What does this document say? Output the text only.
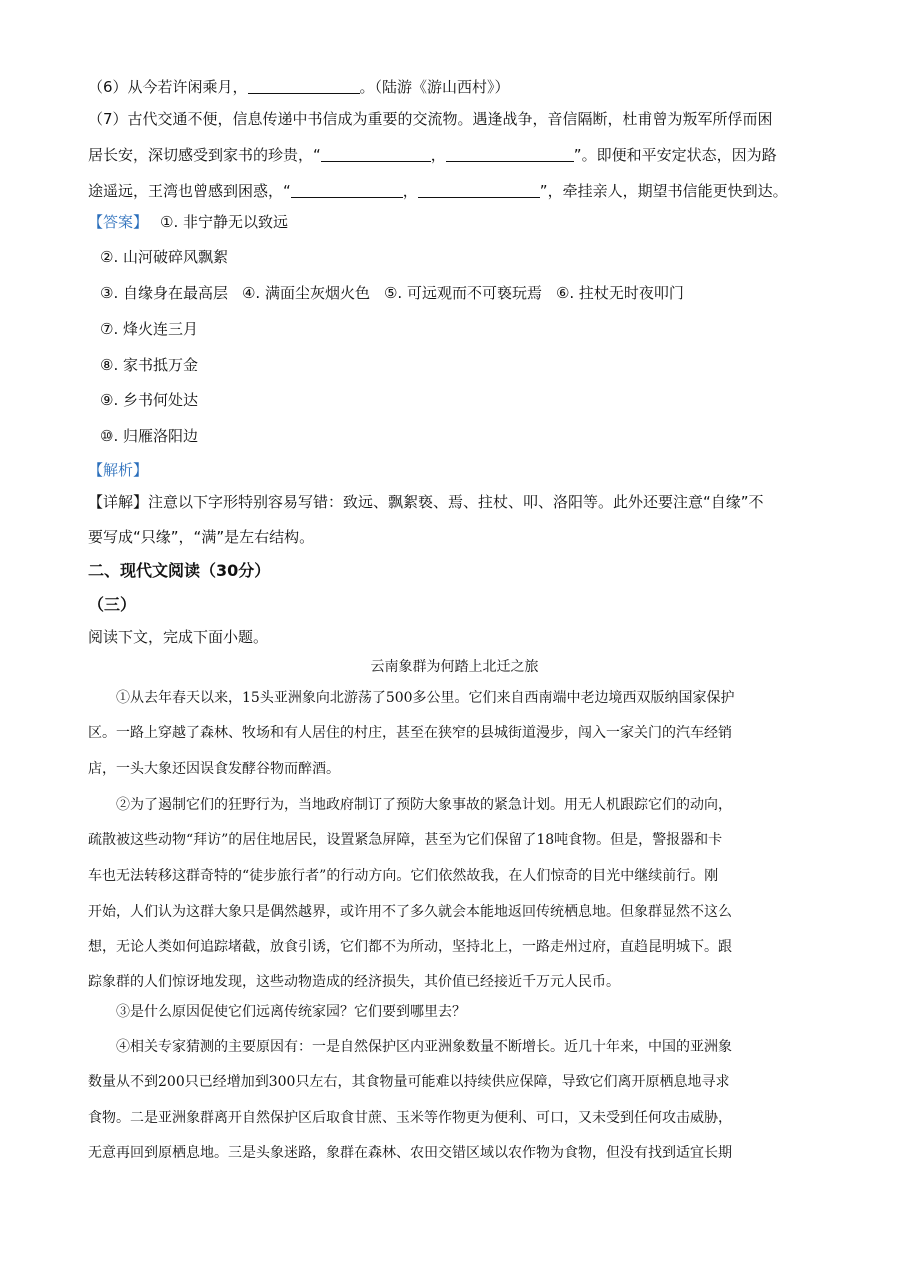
（6）从今若许闲乘月，	。（陆游《游山西村》）
（7）古代交通不便，信息传递中书信成为重要的交流物。遇逢战争，音信隔断，杜甫曾为叛军所俘而困
居长安，深切感受到家书的珍贵，“	，	”。即便和平安定状态，因为路
途遥远，王湾也曾感到困惑，“	，	”，牵挂亲人，期望书信能更快到达。
【答案】 ①. 非宁静无以致远
②. 山河破碎风飘絮
③. 自缘身在最高层 ④. 满面尘灰烟火色 ⑤. 可远观而不可亵玩焉 ⑥. 拄杖无时夜叩门
⑦. 烽火连三月
⑧. 家书抵万金
⑨. 乡书何处达
⑩. 归雁洛阳边
【解析】
【详解】注意以下字形特别容易写错：致远、飘絮亵、焉、拄杖、叩、洛阳等。此外还要注意“自缘”不
要写成“只缘”，“满”是左右结构。
二、现代文阅读（30分）
（三）
阅读下文，完成下面小题。
云南象群为何踏上北迁之旅
①从去年春天以来，15头亚洲象向北游荡了500多公里。它们来自西南端中老边境西双版纳国家保护
区。一路上穿越了森林、牧场和有人居住的村庄，甚至在狭窄的县城街道漫步，闯入一家关门的汽车经销
店，一头大象还因误食发酵谷物而醉酒。
②为了遏制它们的狂野行为，当地政府制订了预防大象事故的紧急计划。用无人机跟踪它们的动向，
疏散被这些动物“拜访”的居住地居民，设置紧急屏障，甚至为它们保留了18吨食物。但是，警报器和卡
车也无法转移这群奇特的“徒步旅行者”的行动方向。它们依然故我，在人们惊奇的目光中继续前行。刚
开始，人们认为这群大象只是偶然越界，或许用不了多久就会本能地返回传统栖息地。但象群显然不这么
想，无论人类如何追踪堵截，放食引诱，它们都不为所动，坚持北上，一路走州过府，直趋昆明城下。跟
踪象群的人们惊讶地发现，这些动物造成的经济损失，其价值已经接近千万元人民币。
③是什么原因促使它们远离传统家园？它们要到哪里去？
④相关专家猜测的主要原因有：一是自然保护区内亚洲象数量不断增长。近几十年来，中国的亚洲象
数量从不到200只已经增加到300只左右，其食物量可能难以持续供应保障，导致它们离开原栖息地寻求
食物。二是亚洲象群离开自然保护区后取食甘蔗、玉米等作物更为便利、可口，又未受到任何攻击威胁，
无意再回到原栖息地。三是头象迷路，象群在森林、农田交错区域以农作物为食物，但没有找到适宜长期
